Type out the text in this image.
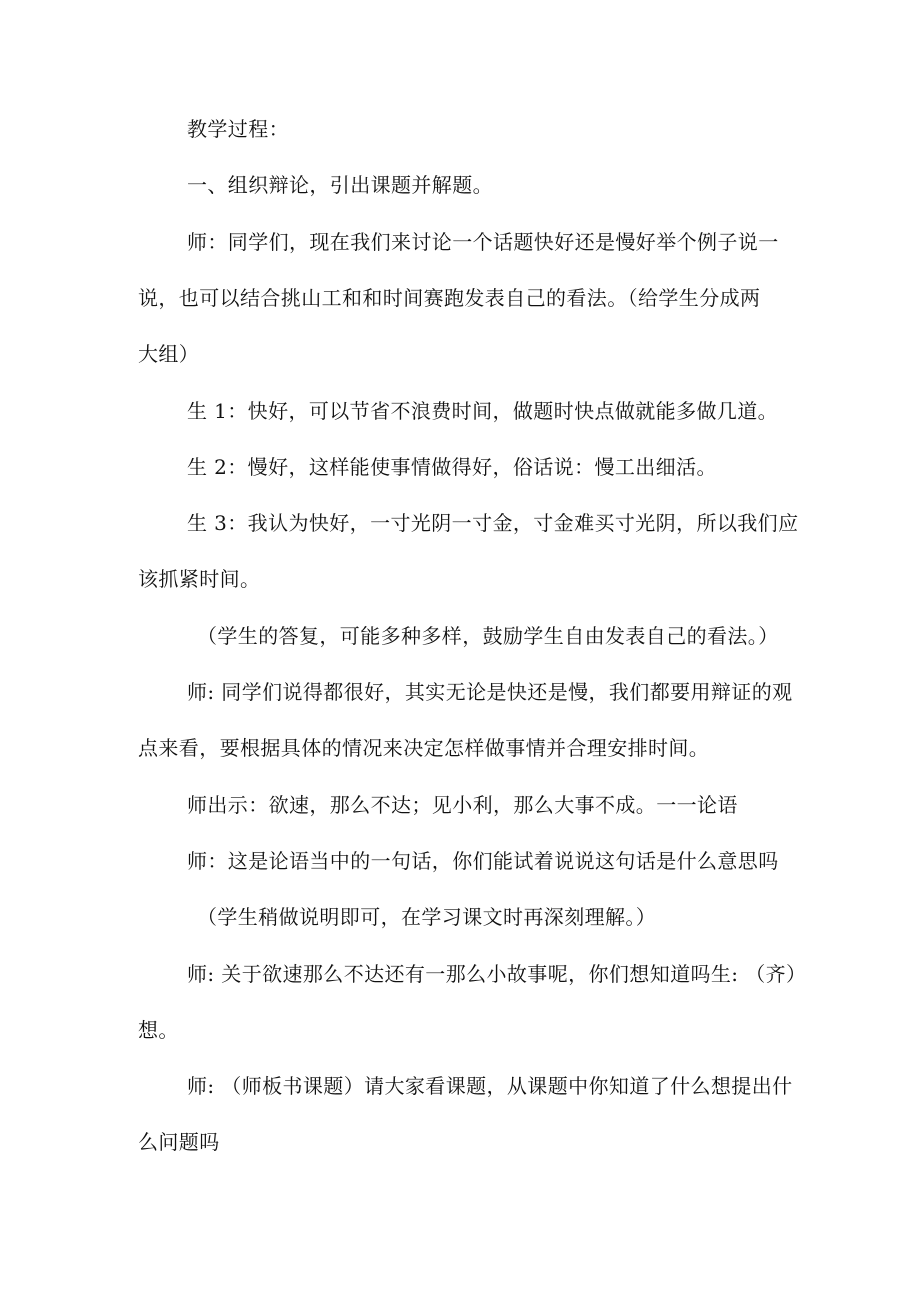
教学过程：
一、组织辩论，引出课题并解题。
师：同学们，现在我们来讨论一个话题快好还是慢好举个例子说一
说，也可以结合挑山工和和时间赛跑发表自己的看法。（给学生分成两
大组）
生 1：快好，可以节省不浪费时间，做题时快点做就能多做几道。
生 2：慢好，这样能使事情做得好，俗话说：慢工出细活。
生 3：我认为快好，一寸光阴一寸金，寸金难买寸光阴，所以我们应
该抓紧时间。
（学生的答复，可能多种多样，鼓励学生自由发表自己的看法。）
师: 同学们说得都很好，其实无论是快还是慢，我们都要用辩证的观
点来看，要根据具体的情况来决定怎样做事情并合理安排时间。
师出示：欲速，那么不达；见小利，那么大事不成。一一论语
师：这是论语当中的一句话，你们能试着说说这句话是什么意思吗
（学生稍做说明即可，在学习课文时再深刻理解。）
师: 关于欲速那么不达还有一那么小故事呢，你们想知道吗生: （齐）
想。
师: （师板书课题）请大家看课题，从课题中你知道了什么想提出什
么问题吗
